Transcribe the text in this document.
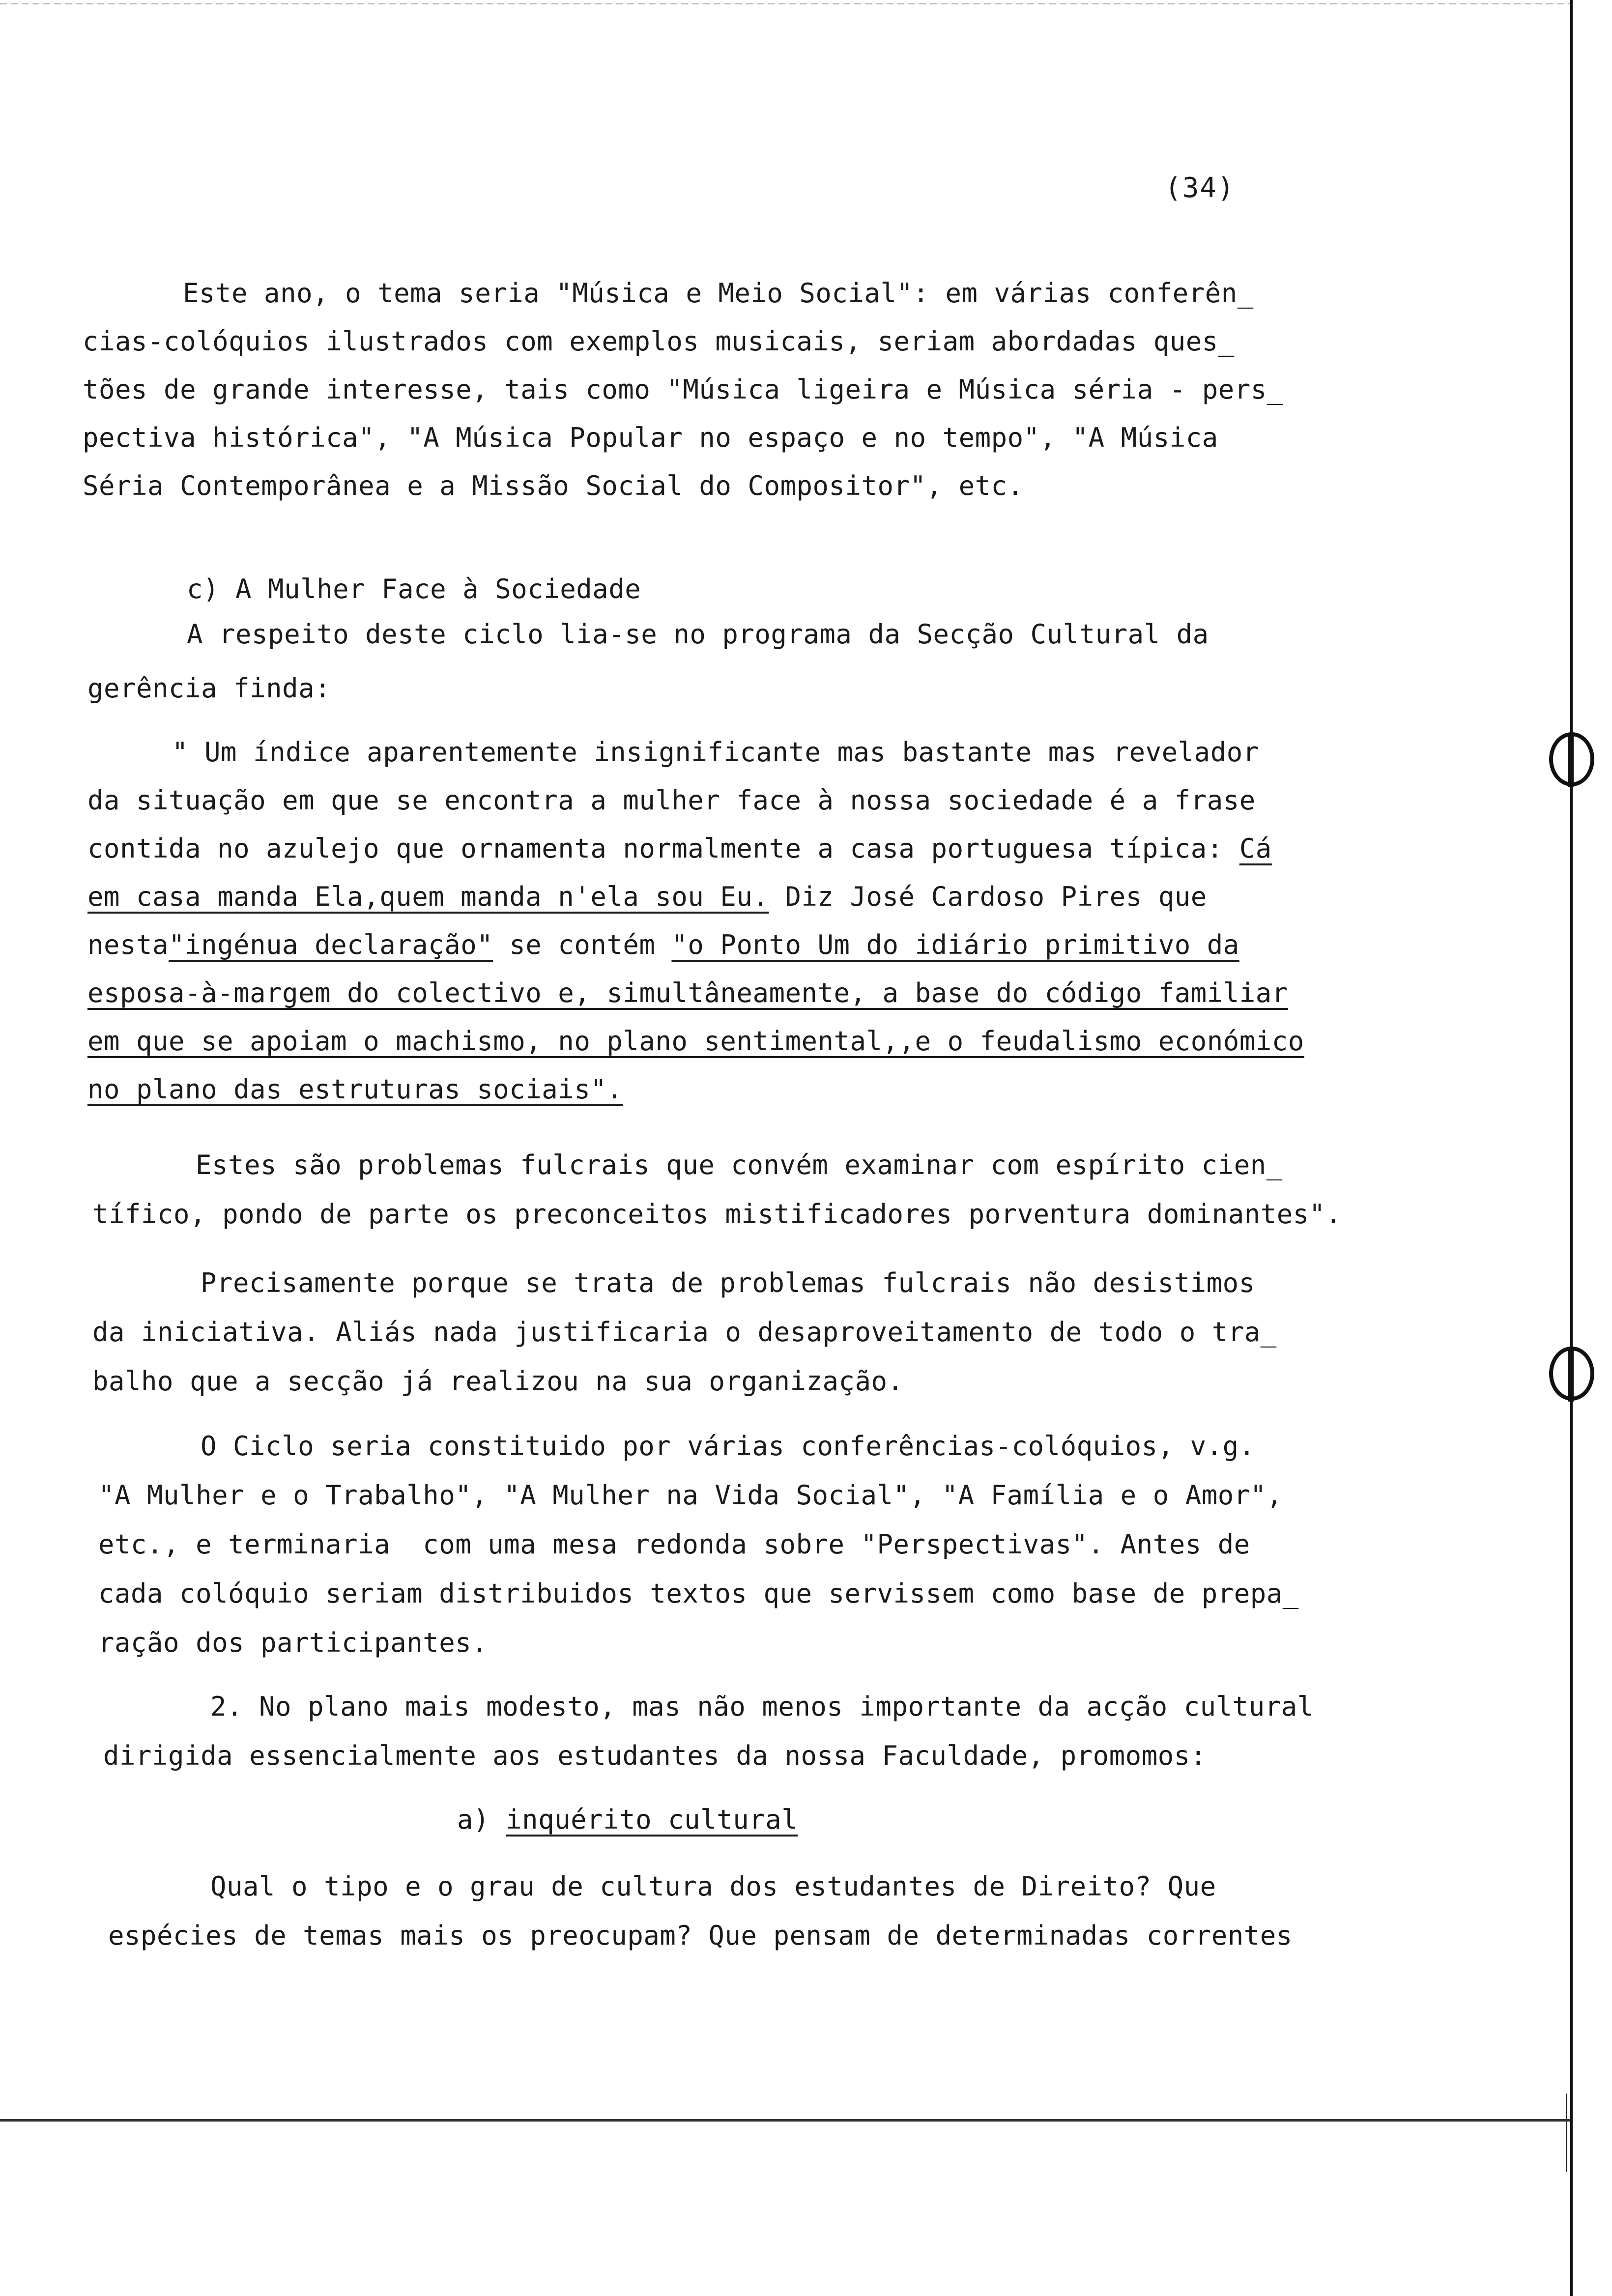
(34)
Este ano, o tema seria "Música e Meio Social": em várias conferên_
cias-colóquios ilustrados com exemplos musicais, seriam abordadas ques_
tões de grande interesse, tais como "Música ligeira e Música séria - pers_
pectiva histórica", "A Música Popular no espaço e no tempo", "A Música
Séria Contemporânea e a Missão Social do Compositor", etc.
c) A Mulher Face à Sociedade
A respeito deste ciclo lia-se no programa da Secção Cultural da
gerência finda:
" Um índice aparentemente insignificante mas bastante mas revelador
da situação em que se encontra a mulher face à nossa sociedade é a frase
contida no azulejo que ornamenta normalmente a casa portuguesa típica: Cá
em casa manda Ela,quem manda n'ela sou Eu. Diz José Cardoso Pires que
nesta"ingénua declaração" se contém "o Ponto Um do idiário primitivo da
esposa-à-margem do colectivo e, simultâneamente, a base do código familiar
em que se apoiam o machismo, no plano sentimental,,e o feudalismo económico
no plano das estruturas sociais".
Estes são problemas fulcrais que convém examinar com espírito cien_
tífico, pondo de parte os preconceitos mistificadores porventura dominantes".
Precisamente porque se trata de problemas fulcrais não desistimos
da iniciativa. Aliás nada justificaria o desaproveitamento de todo o tra_
balho que a secção já realizou na sua organização.
O Ciclo seria constituido por várias conferências-colóquios, v.g.
"A Mulher e o Trabalho", "A Mulher na Vida Social", "A Família e o Amor",
etc., e terminaria  com uma mesa redonda sobre "Perspectivas". Antes de
cada colóquio seriam distribuidos textos que servissem como base de prepa_
ração dos participantes.
2. No plano mais modesto, mas não menos importante da acção cultural
dirigida essencialmente aos estudantes da nossa Faculdade, promomos:
a) inquérito cultural
Qual o tipo e o grau de cultura dos estudantes de Direito? Que
espécies de temas mais os preocupam? Que pensam de determinadas correntes
